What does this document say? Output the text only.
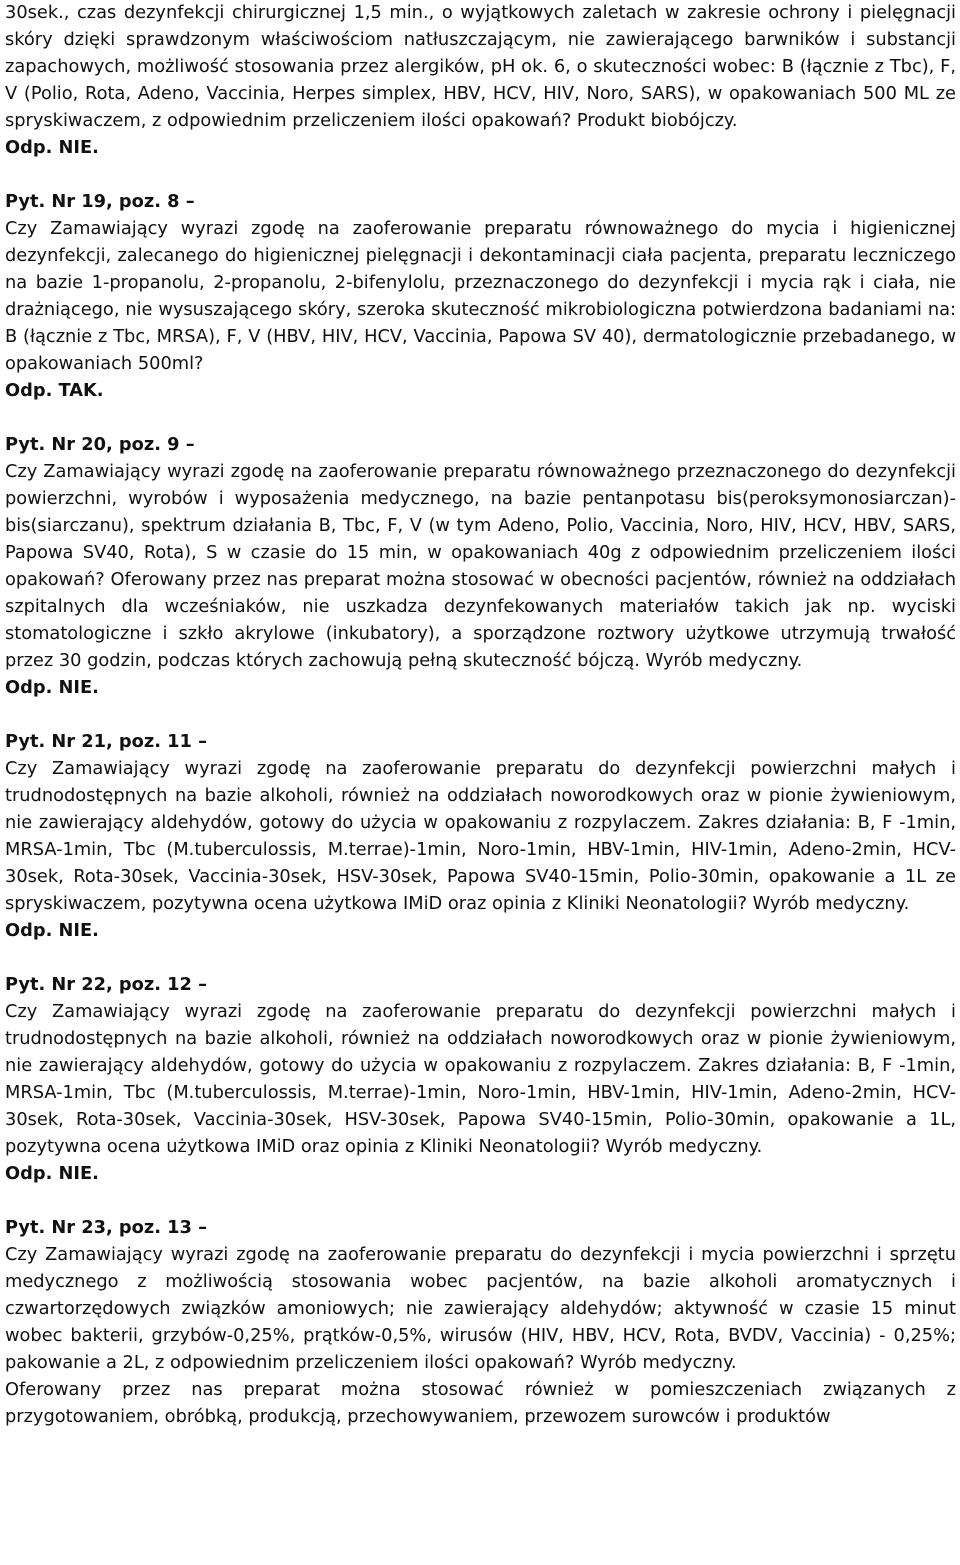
30sek., czas dezynfekcji chirurgicznej 1,5 min., o wyjątkowych zaletach w zakresie ochrony i pielęgnacji skóry dzięki sprawdzonym właściwościom natłuszczającym, nie zawierającego barwników i substancji zapachowych, możliwość stosowania przez alergików, pH ok. 6, o skuteczności wobec: B (łącznie z Tbc), F, V (Polio, Rota, Adeno, Vaccinia, Herpes simplex, HBV, HCV, HIV, Noro, SARS), w opakowaniach 500 ML ze spryskiwaczem, z odpowiednim przeliczeniem ilości opakowań? Produkt biobójczy.

Odp. NIE.

Pyt. Nr 19, poz. 8 –

Czy Zamawiający wyrazi zgodę na zaoferowanie preparatu równoważnego do mycia i higienicznej dezynfekcji, zalecanego do higienicznej pielęgnacji i dekontaminacji ciała pacjenta, preparatu leczniczego na bazie 1-propanolu, 2-propanolu, 2-bifenylolu, przeznaczonego do dezynfekcji i mycia rąk i ciała, nie drażniącego, nie wysuszającego skóry, szeroka skuteczność mikrobiologiczna potwierdzona badaniami na: B (łącznie z Tbc, MRSA), F, V (HBV, HIV, HCV, Vaccinia, Papowa SV 40), dermatologicznie przebadanego, w opakowaniach 500ml?

Odp. TAK.

Pyt. Nr 20, poz. 9 –

Czy Zamawiający wyrazi zgodę na zaoferowanie preparatu równoważnego przeznaczonego do dezynfekcji powierzchni, wyrobów i wyposażenia medycznego, na bazie pentanpotasu bis(peroksymonosiarczan)-bis(siarczanu), spektrum działania B, Tbc, F, V (w tym Adeno, Polio, Vaccinia, Noro, HIV, HCV, HBV, SARS, Papowa SV40, Rota), S w czasie do 15 min, w opakowaniach 40g z odpowiednim przeliczeniem ilości opakowań? Oferowany przez nas preparat można stosować w obecności pacjentów, również na oddziałach szpitalnych dla wcześniaków, nie uszkadza dezynfekowanych materiałów takich jak np. wyciski stomatologiczne i szkło akrylowe (inkubatory), a sporządzone roztwory użytkowe utrzymują trwałość przez 30 godzin, podczas których zachowują pełną skuteczność bójczą. Wyrób medyczny.

Odp. NIE.

Pyt. Nr 21, poz. 11 –

Czy Zamawiający wyrazi zgodę na zaoferowanie preparatu do dezynfekcji powierzchni małych i trudnodostępnych na bazie alkoholi, również na oddziałach noworodkowych oraz w pionie żywieniowym, nie zawierający aldehydów, gotowy do użycia w opakowaniu z rozpylaczem. Zakres działania: B, F -1min, MRSA-1min, Tbc (M.tuberculossis, M.terrae)-1min, Noro-1min, HBV-1min, HIV-1min, Adeno-2min, HCV-30sek, Rota-30sek, Vaccinia-30sek, HSV-30sek, Papowa SV40-15min, Polio-30min, opakowanie a 1L ze spryskiwaczem, pozytywna ocena użytkowa IMiD oraz opinia z Kliniki Neonatologii? Wyrób medyczny.

Odp. NIE.

Pyt. Nr 22, poz. 12 –

Czy Zamawiający wyrazi zgodę na zaoferowanie preparatu do dezynfekcji powierzchni małych i trudnodostępnych na bazie alkoholi, również na oddziałach noworodkowych oraz w pionie żywieniowym, nie zawierający aldehydów, gotowy do użycia w opakowaniu z rozpylaczem. Zakres działania: B, F -1min, MRSA-1min, Tbc (M.tuberculossis, M.terrae)-1min, Noro-1min, HBV-1min, HIV-1min, Adeno-2min, HCV-30sek, Rota-30sek, Vaccinia-30sek, HSV-30sek, Papowa SV40-15min, Polio-30min, opakowanie a 1L, pozytywna ocena użytkowa IMiD oraz opinia z Kliniki Neonatologii? Wyrób medyczny.

Odp. NIE.

Pyt. Nr 23, poz. 13 –

Czy Zamawiający wyrazi zgodę na zaoferowanie preparatu do dezynfekcji i mycia powierzchni i sprzętu medycznego z możliwością stosowania wobec pacjentów, na bazie alkoholi aromatycznych i czwartorzędowych związków amoniowych; nie zawierający aldehydów; aktywność w czasie 15 minut wobec bakterii, grzybów-0,25%, prątków-0,5%, wirusów (HIV, HBV, HCV, Rota, BVDV, Vaccinia) - 0,25%; pakowanie a 2L, z odpowiednim przeliczeniem ilości opakowań? Wyrób medyczny.

Oferowany przez nas preparat można stosować również w pomieszczeniach związanych z przygotowaniem, obróbką, produkcją, przechowywaniem, przewozem surowców i produktów
